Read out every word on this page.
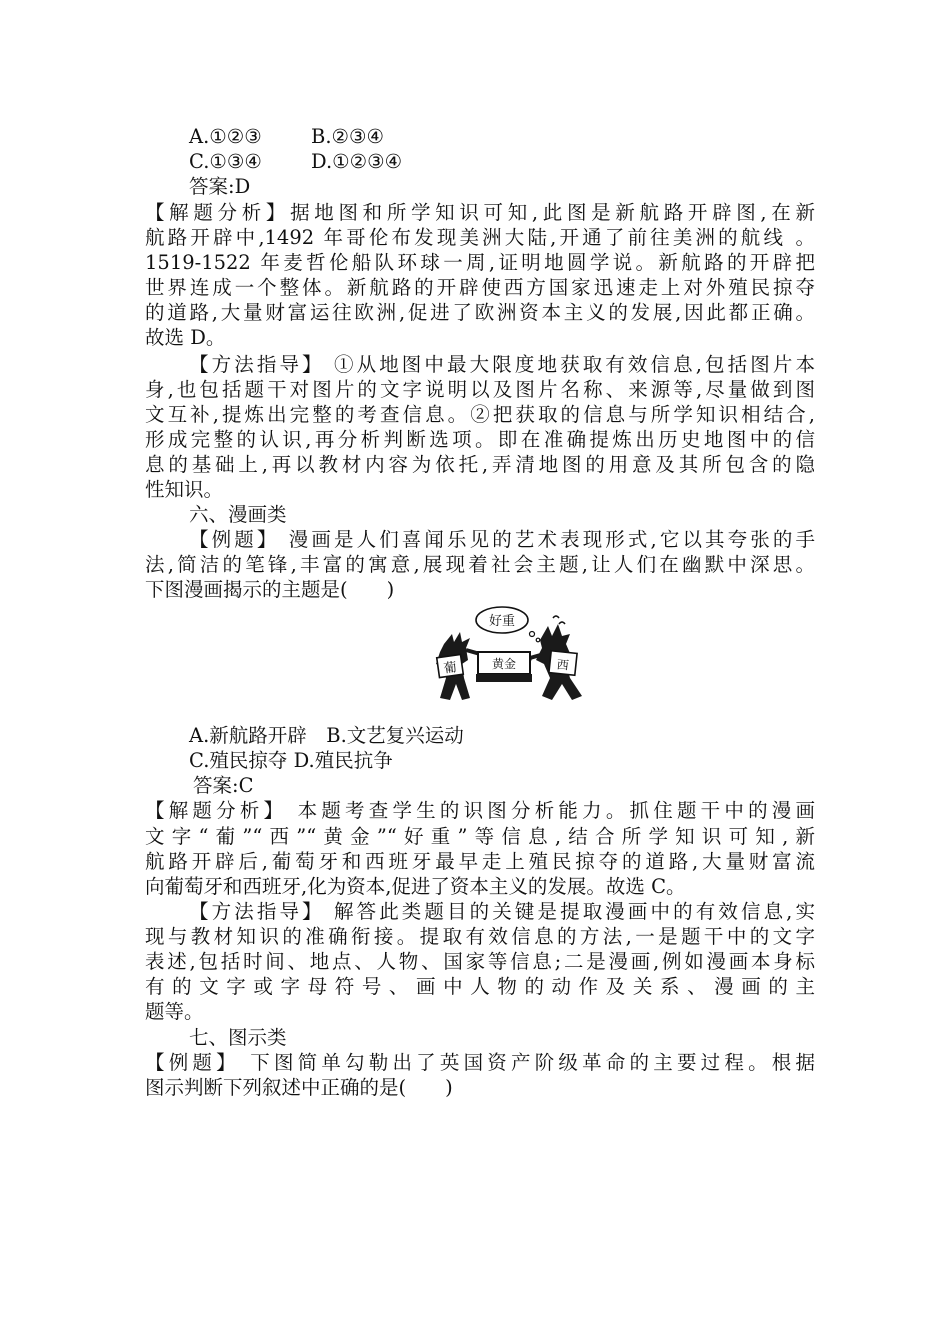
A.①②③	B.②③④
C.①③④	D.①②③④
答案:D
【解题分析】据地图和所学知识可知,此图是新航路开辟图,在新
航路开辟中,1492 年哥伦布发现美洲大陆,开通了前往美洲的航线 。
1519-1522 年麦哲伦船队环球一周,证明地圆学说。新航路的开辟把
世界连成一个整体。新航路的开辟使西方国家迅速走上对外殖民掠夺
的道路,大量财富运往欧洲,促进了欧洲资本主义的发展,因此都正确。
故选 D。
【方法指导】 ①从地图中最大限度地获取有效信息,包括图片本
身,也包括题干对图片的文字说明以及图片名称、来源等,尽量做到图
文互补,提炼出完整的考查信息。②把获取的信息与所学知识相结合,
形成完整的认识,再分析判断选项。即在准确提炼出历史地图中的信
息的基础上,再以教材内容为依托,弄清地图的用意及其所包含的隐
性知识。
六、漫画类
【例题】 漫画是人们喜闻乐见的艺术表现形式,它以其夸张的手
法,简洁的笔锋,丰富的寓意,展现着社会主题,让人们在幽默中深思。
下图漫画揭示的主题是(　　)
好重
葡	西
黄金
A.新航路开辟　B.文艺复兴运动
C.殖民掠夺 D.殖民抗争
答案:C
【解题分析】 本题考查学生的识图分析能力。抓住题干中的漫画
文字“葡”“西”“黄金”“好重”等信息,结合所学知识可知,新
航路开辟后,葡萄牙和西班牙最早走上殖民掠夺的道路,大量财富流
向葡萄牙和西班牙,化为资本,促进了资本主义的发展。故选 C。
【方法指导】 解答此类题目的关键是提取漫画中的有效信息,实
现与教材知识的准确衔接。提取有效信息的方法,一是题干中的文字
表述,包括时间、地点、人物、国家等信息;二是漫画,例如漫画本身标
有的文字或字母符号、画中人物的动作及关系、漫画的主
题等。
七、图示类
【例题】 下图简单勾勒出了英国资产阶级革命的主要过程。根据
图示判断下列叙述中正确的是(　　)
